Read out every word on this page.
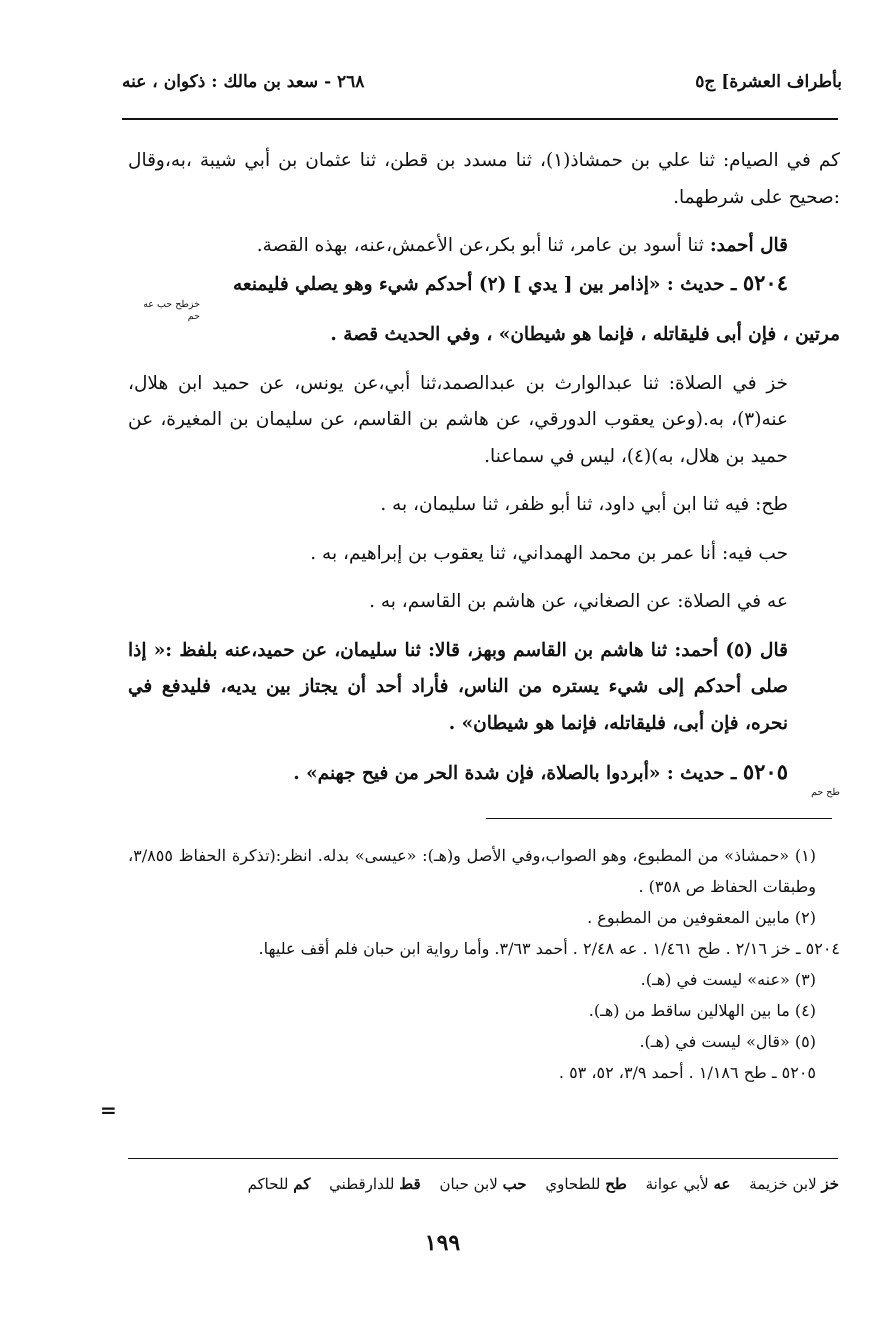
بأطراف العشرة] ج٥
٢٦٨ - سعد بن مالك : ذكوان ، عنه

كم في الصيام: ثنا علي بن حمشاذ(١)، ثنا مسدد بن قطن، ثنا عثمان بن أبي شيبة ،به،وقال :صحيح على شرطهما.

قال أحمد: ثنا أسود بن عامر، ثنا أبو بكر،عن الأعمش،عنه، بهذه القصة.

٥٢٠٤ ـ حديث : «إذامر بين [ يدي ] (٢) أحدكم شيء وهو يصلي فليمنعه

خزطح حب عه حم

مرتين ، فإن أبى فليقاتله ، فإنما هو شيطان» ، وفي الحديث قصة .

خز في الصلاة: ثنا عبدالوارث بن عبدالصمد،ثنا أبي،عن يونس، عن حميد ابن هلال، عنه(٣)، به.(وعن يعقوب الدورقي، عن هاشم بن القاسم، عن سليمان بن المغيرة، عن حميد بن هلال، به)(٤)، ليس في سماعنا.

طح: فيه ثنا ابن أبي داود، ثنا أبو ظفر، ثنا سليمان، به .

حب فيه: أنا عمر بن محمد الهمداني، ثنا يعقوب بن إبراهيم، به .

عه في الصلاة: عن الصغاني، عن هاشم بن القاسم، به .

قال (٥) أحمد: ثنا هاشم بن القاسم وبهز، قالا: ثنا سليمان، عن حميد،عنه بلفظ :« إذا صلى أحدكم إلى شيء يستره من الناس، فأراد أحد أن يجتاز بين يديه، فليدفع في نحره، فإن أبى، فليقاتله، فإنما هو شيطان» .

٥٢٠٥ ـ حديث : «أبردوا بالصلاة، فإن شدة الحر من فيح جهنم» .

طح حم

(١) «حمشاذ» من المطبوع، وهو الصواب،وفي الأصل و(هـ): «عيسى» بدله. انظر:(تذكرة الحفاظ ٣/٨٥٥، وطبقات الحفاظ ص ٣٥٨) .

(٢) مابين المعقوفين من المطبوع .

٥٢٠٤ ـ خز ٢/١٦ . طح ١/٤٦١ . عه ٢/٤٨ . أحمد ٣/٦٣. وأما رواية ابن حبان فلم أقف عليها.

(٣) «عنه» ليست في (هـ).

(٤) ما بين الهلالين ساقط من (هـ).

(٥) «قال» ليست في (هـ).

٥٢٠٥ ـ طح ١/١٨٦ . أحمد ٣/٩، ٥٢، ٥٣ .

=
خز لابن خزيمة عه لأبي عوانة طح للطحاوي حب لابن حبان قط للدارقطني كم للحاكم
١٩٩
